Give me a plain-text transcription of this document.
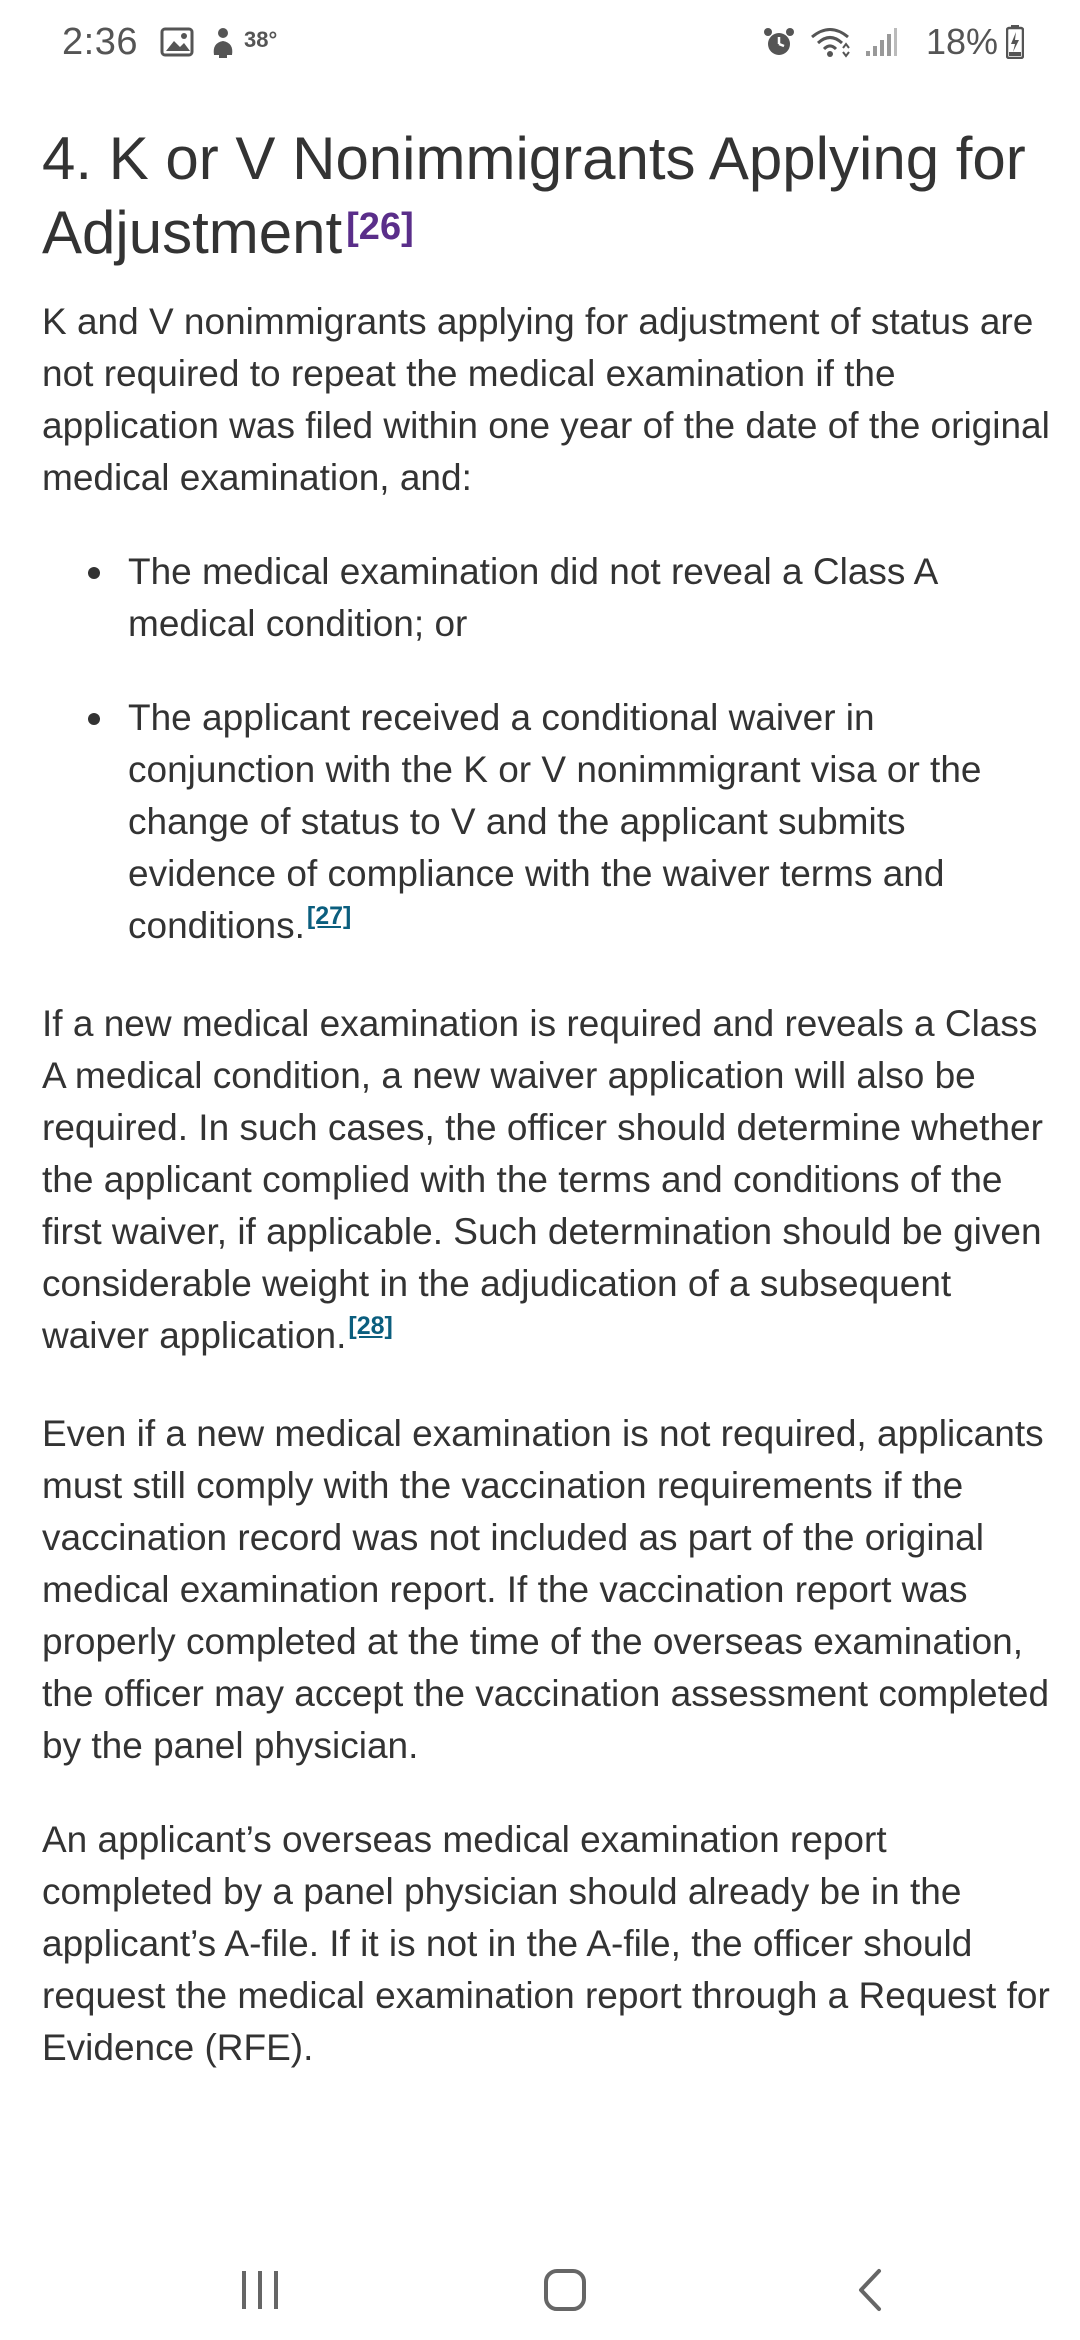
2:36	38°	18%
4. K or V Nonimmigrants Applying for Adjustment [26]

K and V nonimmigrants applying for adjustment of status are not required to repeat the medical examination if the application was filed within one year of the date of the original medical examination, and:

The medical examination did not reveal a Class A medical condition; or
The applicant received a conditional waiver in conjunction with the K or V nonimmigrant visa or the change of status to V and the applicant submits evidence of compliance with the waiver terms and conditions.[27]

If a new medical examination is required and reveals a Class A medical condition, a new waiver application will also be required. In such cases, the officer should determine whether the applicant complied with the terms and conditions of the first waiver, if applicable. Such determination should be given considerable weight in the adjudication of a subsequent waiver application.[28]

Even if a new medical examination is not required, applicants must still comply with the vaccination requirements if the vaccination record was not included as part of the original medical examination report. If the vaccination report was properly completed at the time of the overseas examination, the officer may accept the vaccination assessment completed by the panel physician.

An applicant’s overseas medical examination report completed by a panel physician should already be in the applicant’s A-file. If it is not in the A-file, the officer should request the medical examination report through a Request for Evidence (RFE).
